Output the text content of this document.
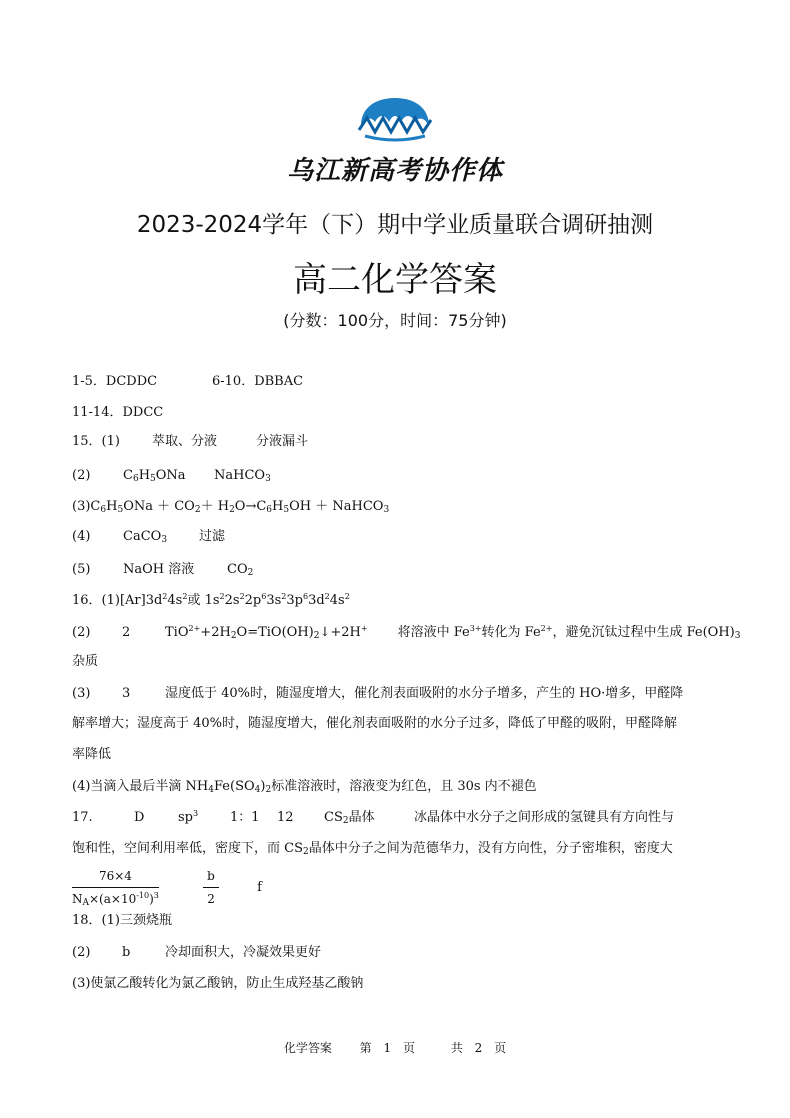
乌江新高考协作体
2023-2024学年（下）期中学业质量联合调研抽测
高二化学答案
(分数：100分，时间：75分钟)
1-5．DCDDC	6-10．DBBAC
11-14．DDCC
15．(1) 萃取、分液	分液漏斗
(2)	$C_6H_5ONa$ NaHCO$_3$
$(3)C_6H_5ONa + CO_2+ H_2O\to C_6H_5OH$ ＋ NaHCO$_3$
(4)	CaCO$_3$ 过滤
(5)	NaOH 溶液	$CO_2$
16．$(1)[Ar]3d^24s^2$或 $1s^22s^22p^63s^23p^63d^24s^2$
(2) 2	$TiO^{2+}+2H_2O=TiO(OH)_2↓+2H^+$ 将溶液中 $Fe^{3+}$转化为 $Fe^{2+}$，避免沉钛过程中生成 $Fe(OH)_3$
杂质
(3) 3	湿度低于 40%时，随湿度增大，催化剂表面吸附的水分子增多，产生的 HO·增多，甲醛降
解率增大；湿度高于 40%时，随湿度增大，催化剂表面吸附的水分子过多，降低了甲醛的吸附，甲醛降解
率降低
(4)当滴入最后半滴 $NH_4Fe(SO_4)_2$标准溶液时，溶液变为红色，且 30s 内不褪色
17.	D	$sp^3$ 1：1 12 $CS_2$晶体	冰晶体中水分子之间形成的氢键具有方向性与
饱和性，空间利用率低，密度下，而 $CS_2$晶体中分子之间为范德华力，没有方向性，分子密堆积，密度大
$\frac{76\times 4}{N_A\times(a\times 10^{-10})^3}$
	$\frac{b}{2}$	f
18．(1)三颈烧瓶
(2) b	冷却面积大，冷凝效果更好
(3)使氯乙酸转化为氯乙酸钠，防止生成羟基乙酸钠
化学答案 第 1 页	共 2 页
